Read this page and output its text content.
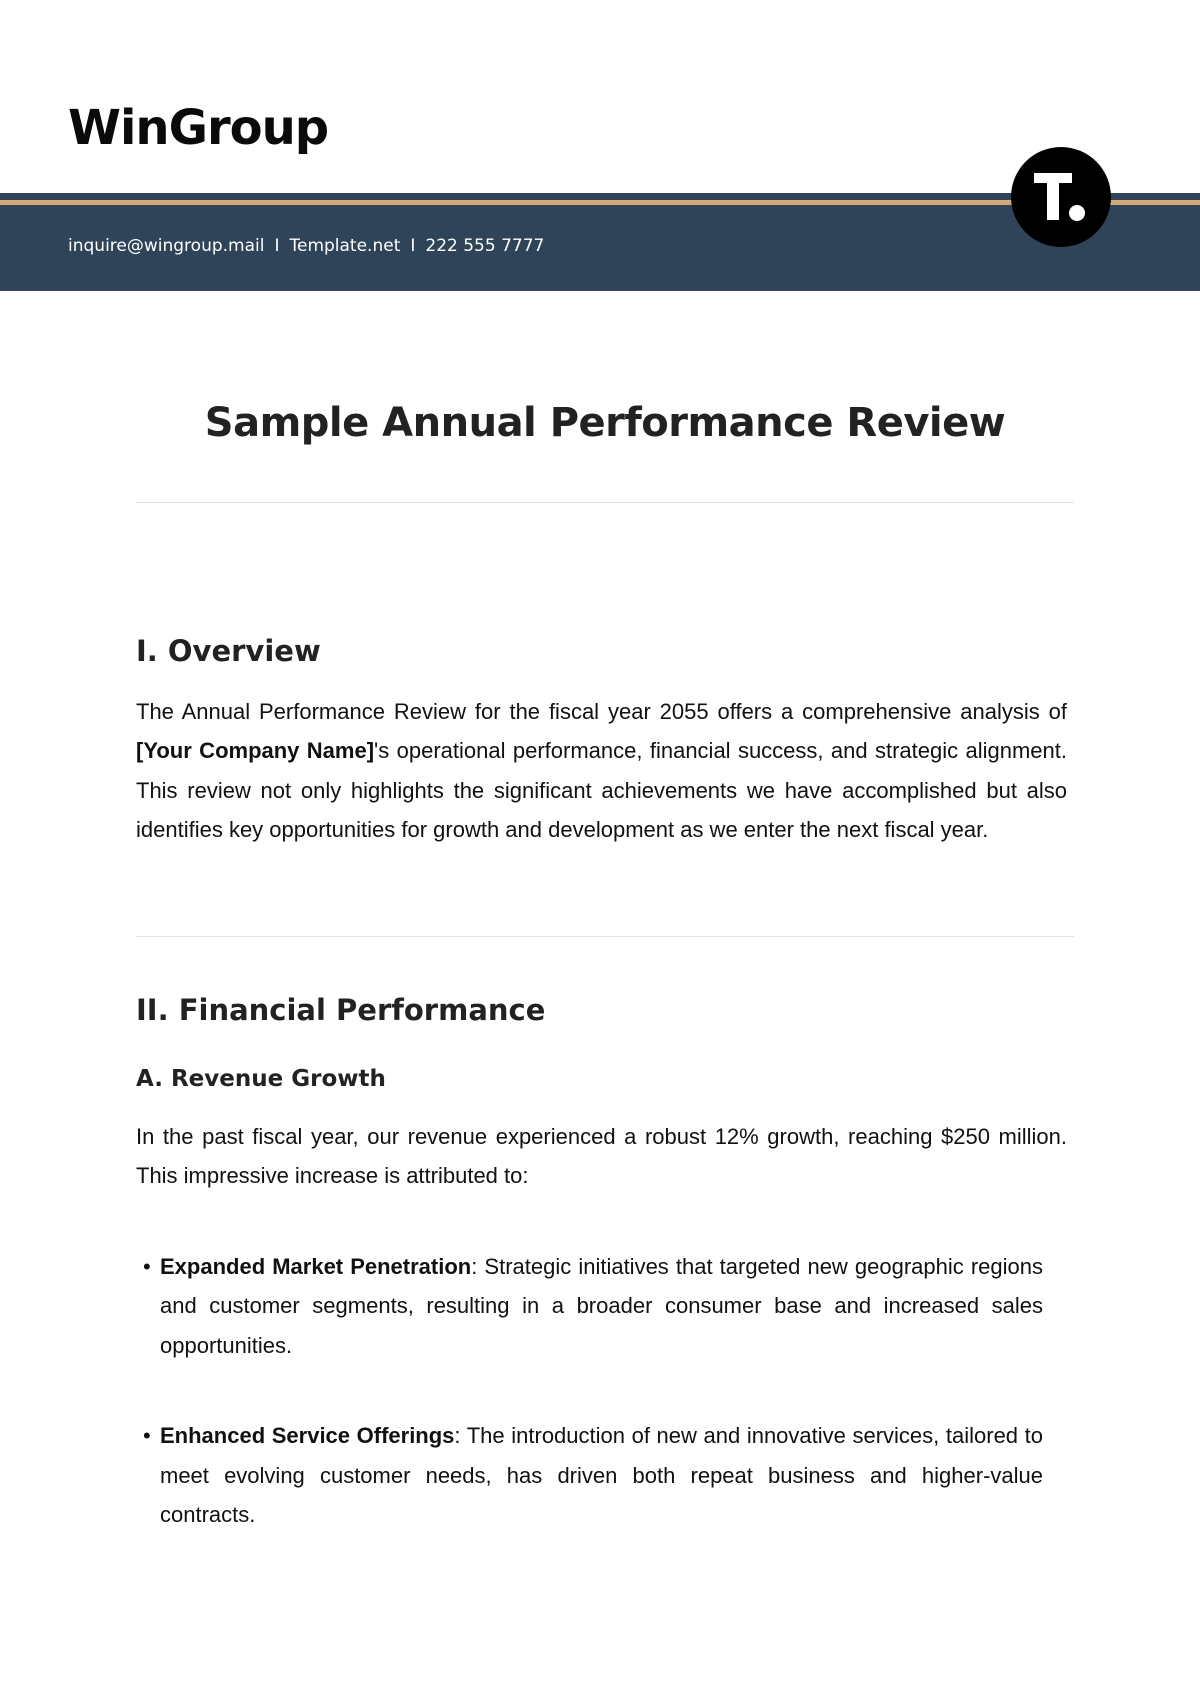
WinGroup
inquire@wingroup.mail I Template.net I 222 555 7777
Sample Annual Performance Review
I. Overview

The Annual Performance Review for the fiscal year 2055 offers a comprehensive analysis of [Your Company Name]'s operational performance, financial success, and strategic alignment. This review not only highlights the significant achievements we have accomplished but also identifies key opportunities for growth and development as we enter the next fiscal year.

II. Financial Performance
A. Revenue Growth

In the past fiscal year, our revenue experienced a robust 12% growth, reaching $250 million. This impressive increase is attributed to:

• Expanded Market Penetration: Strategic initiatives that targeted new geographic regions and customer segments, resulting in a broader consumer base and increased sales opportunities.
• Enhanced Service Offerings: The introduction of new and innovative services, tailored to meet evolving customer needs, has driven both repeat business and higher-value contracts.
